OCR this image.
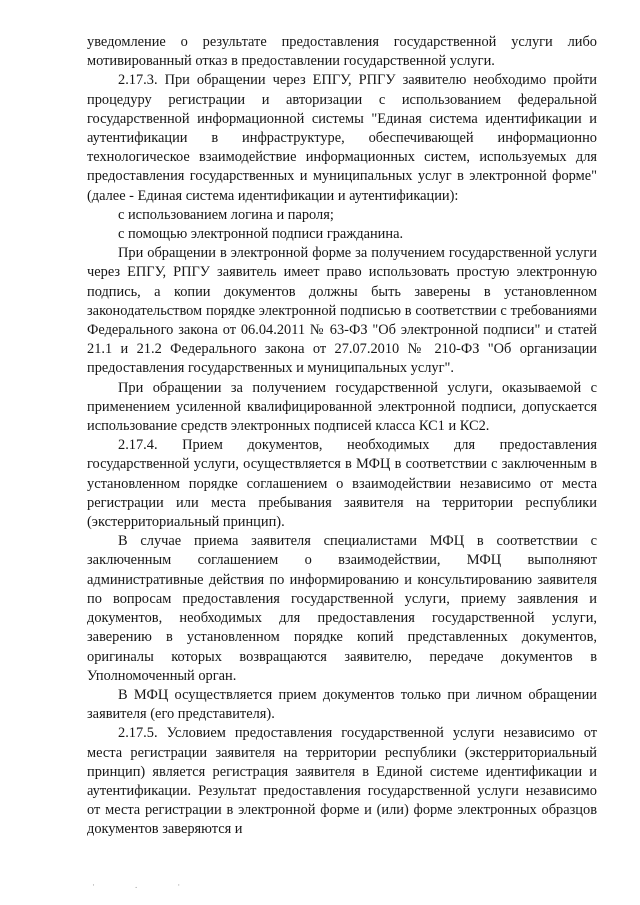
уведомление о результате предоставления государственной услуги либо мотивированный отказ в предоставлении государственной услуги.

2.17.3. При обращении через ЕПГУ, РПГУ заявителю необходимо пройти процедуру регистрации и авторизации с использованием федеральной государственной информационной системы "Единая система идентификации и аутентификации в инфраструктуре, обеспечивающей информационно технологическое взаимодействие информационных систем, используемых для предоставления государственных и муниципальных услуг в электронной форме" (далее - Единая система идентификации и аутентификации):

с использованием логина и пароля;

с помощью электронной подписи гражданина.

При обращении в электронной форме за получением государственной услуги через ЕПГУ, РПГУ заявитель имеет право использовать простую электронную подпись, а копии документов должны быть заверены в установленном законодательством порядке электронной подписью в соответствии с требованиями Федерального закона от 06.04.2011 № 63-ФЗ "Об электронной подписи" и статей 21.1 и 21.2 Федерального закона от 27.07.2010 № 210-ФЗ "Об организации предоставления государственных и муниципальных услуг".

При обращении за получением государственной услуги, оказываемой с применением усиленной квалифицированной электронной подписи, допускается использование средств электронных подписей класса КС1 и КС2.

2.17.4. Прием документов, необходимых для предоставления государственной услуги, осуществляется в МФЦ в соответствии с заключенным в установленном порядке соглашением о взаимодействии независимо от места регистрации или места пребывания заявителя на территории республики (экстерриториальный принцип).

В случае приема заявителя специалистами МФЦ в соответствии с заключенным соглашением о взаимодействии, МФЦ выполняют административные действия по информированию и консультированию заявителя по вопросам предоставления государственной услуги, приему заявления и документов, необходимых для предоставления государственной услуги, заверению в установленном порядке копий представленных документов, оригиналы которых возвращаются заявителю, передаче документов в Уполномоченный орган.

В МФЦ осуществляется прием документов только при личном обращении заявителя (его представителя).

2.17.5. Условием предоставления государственной услуги независимо от места регистрации заявителя на территории республики (экстерриториальный принцип) является регистрация заявителя в Единой системе идентификации и аутентификации. Результат предоставления государственной услуги независимо от места регистрации в электронной форме и (или) форме электронных образцов документов заверяются и

·.·
